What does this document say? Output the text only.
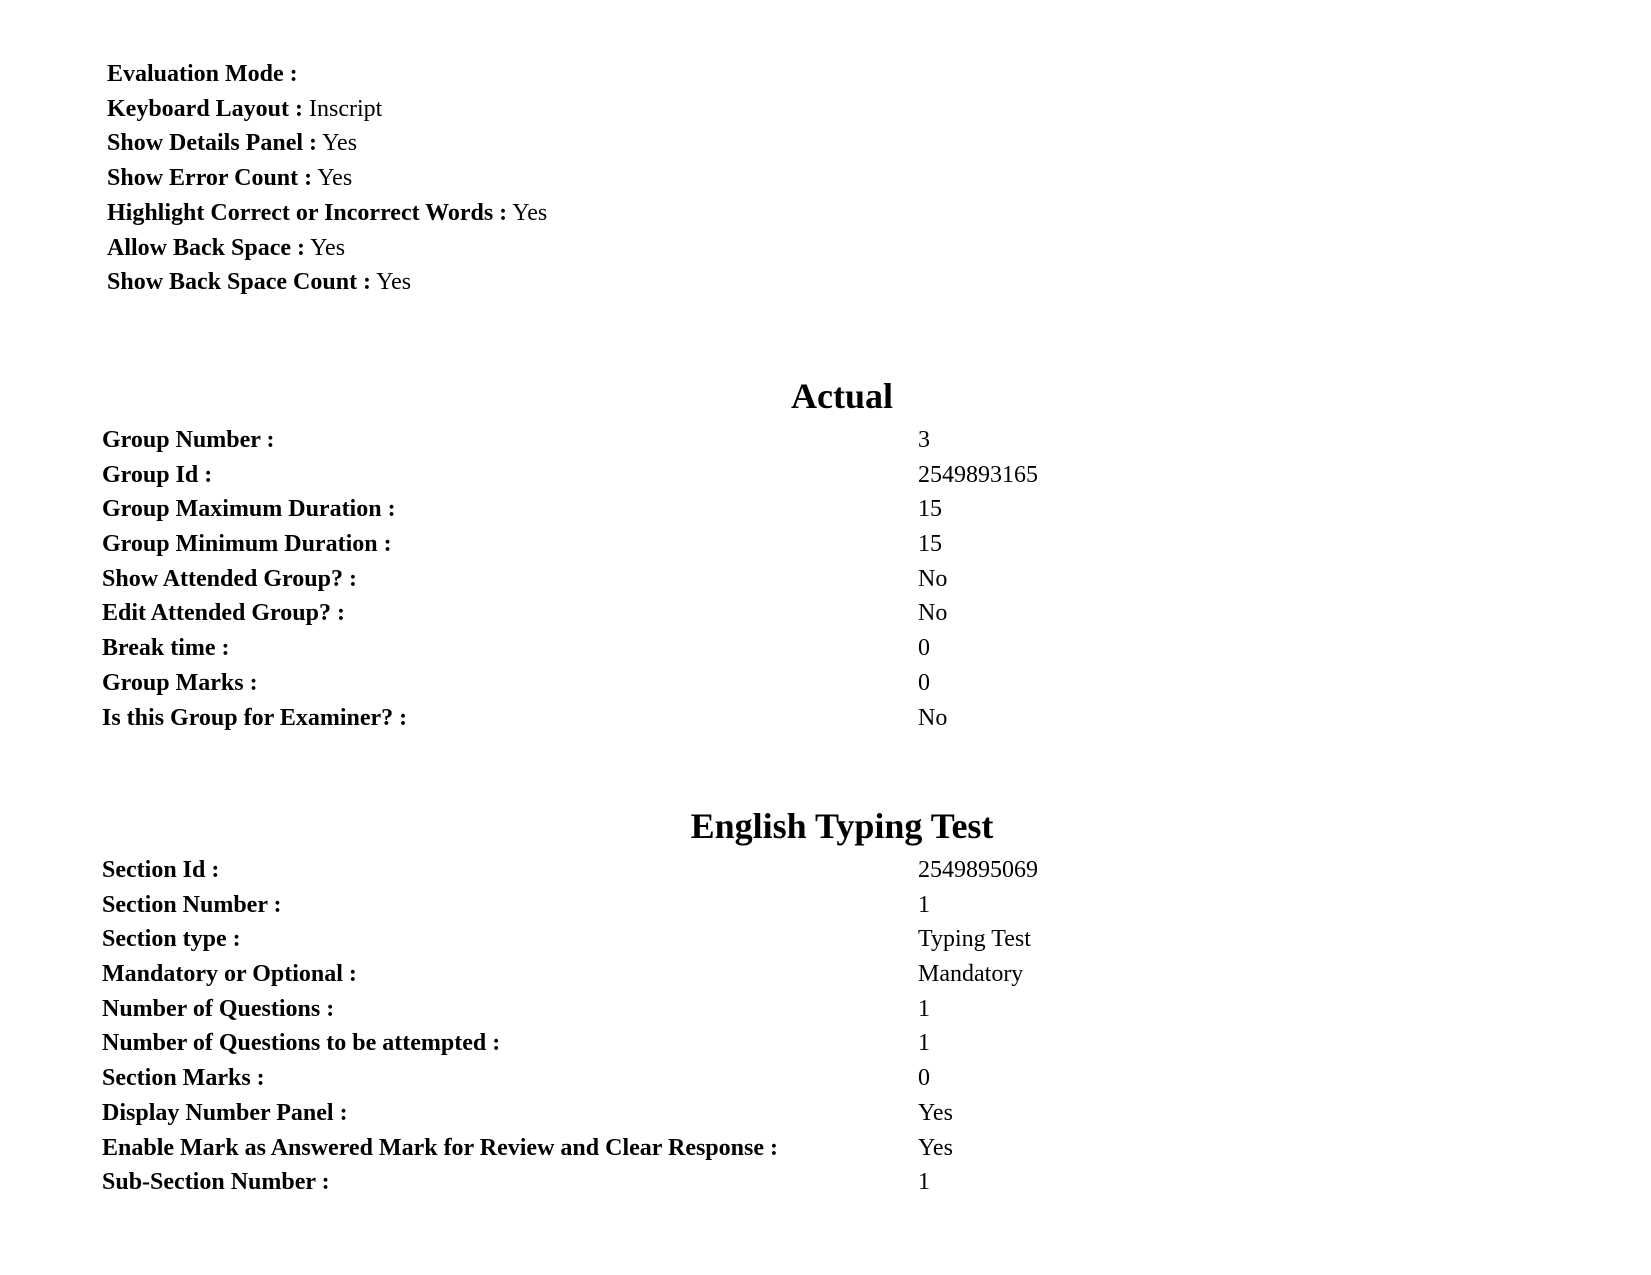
Evaluation Mode :
Keyboard Layout : Inscript
Show Details Panel : Yes
Show Error Count : Yes
Highlight Correct or Incorrect Words : Yes
Allow Back Space : Yes
Show Back Space Count : Yes
Actual
Group Number :	3
Group Id :	2549893165
Group Maximum Duration :	15
Group Minimum Duration :	15
Show Attended Group? :	No
Edit Attended Group? :	No
Break time :	0
Group Marks :	0
Is this Group for Examiner? :	No
English Typing Test
Section Id :	2549895069
Section Number :	1
Section type :	Typing Test
Mandatory or Optional :	Mandatory
Number of Questions :	1
Number of Questions to be attempted :	1
Section Marks :	0
Display Number Panel :	Yes
Enable Mark as Answered Mark for Review and Clear Response :	Yes
Sub-Section Number :	1
